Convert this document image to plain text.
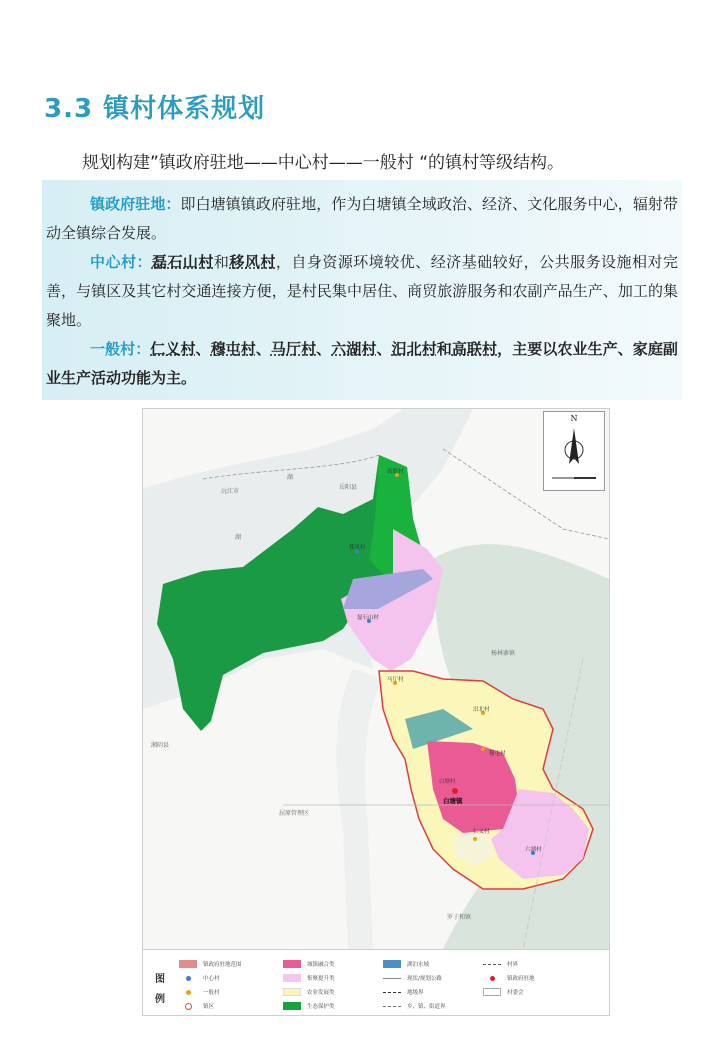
3.3 镇村体系规划
规划构建”镇政府驻地——中心村——一般村 “的镇村等级结构。

镇政府驻地：即白塘镇镇政府驻地，作为白塘镇全域政治、经济、文化服务中心，辐射带动全镇综合发展。

中心村：磊石山村和移风村，自身资源环境较优、经济基础较好，公共服务设施相对完善，与镇区及其它村交通连接方便，是村民集中居住、商贸旅游服务和农副产品生产、加工的集聚地。

一般村：仁义村、穆屯村、马厅村、六湖村、汨北村和高联村，主要以农业生产、家庭副业生产活动功能为主。

沅江市
岳阳县
湘阴县
屈原管理区
杨林寨镇
湖
湖
罗子和镇
高联村
移风村
磊石山村
马厅村
汨北村
穆屯村
白塘村
白塘镇
仁义村
六湖村
N
图例
镇政府驻地范围	城镇融合类	湖泊水域	村界
中心村	集聚提升类	现状/规划公路	镇政府驻地
一般村	农业发展类	地级界	村委会
镇区	生态保护类	乡、镇、街道界
